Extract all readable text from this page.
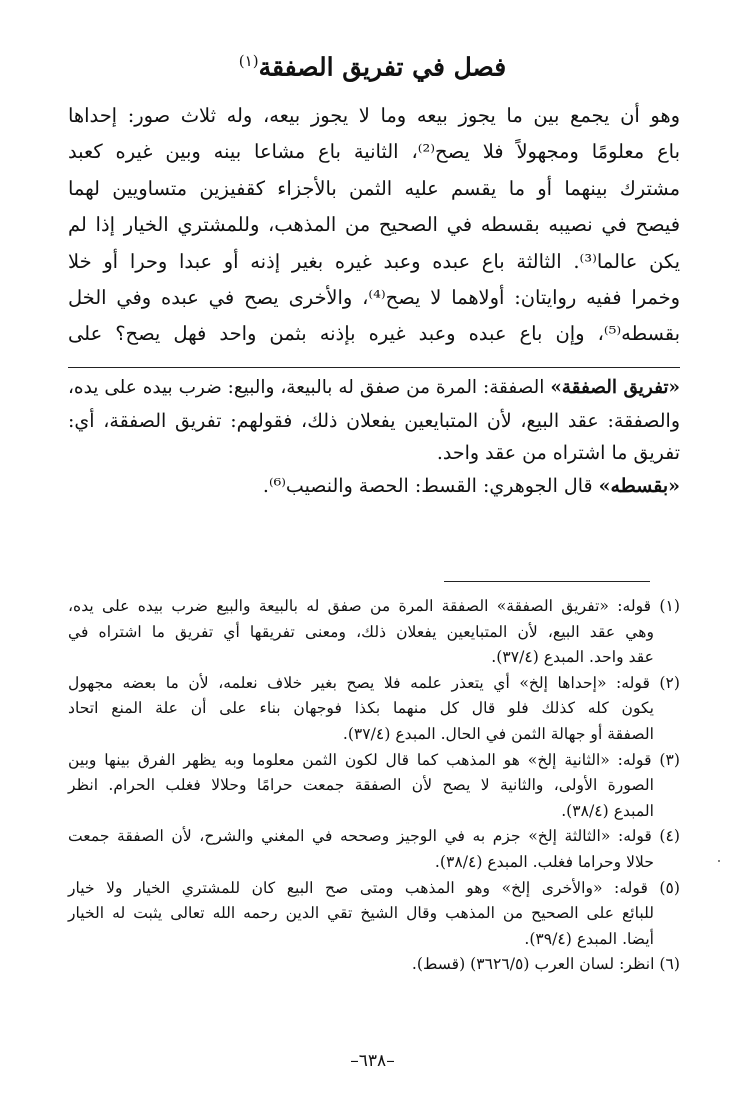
فصل في تفريق الصفقة$^{(١)}$
وهو أن يجمع بين ما يجوز بيعه وما لا يجوز بيعه، وله ثلاث صور: إحداها
باع معلومًا ومجهولاً فلا يصح⁽²⁾، الثانية باع مشاعا بينه وبين غيره كعبد
مشترك بينهما أو ما يقسم عليه الثمن بالأجزاء كقفيزين متساويين لهما
فيصح في نصيبه بقسطه في الصحيح من المذهب، وللمشتري الخيار إذا لم
يكن عالما⁽³⁾. الثالثة باع عبده وعبد غيره بغير إذنه أو عبدا وحرا أو خلا
وخمرا ففيه روايتان: أولاهما لا يصح⁽⁴⁾، والأخرى يصح في عبده وفي الخل
بقسطه⁽⁵⁾، وإن باع عبده وعبد غيره بإذنه بثمن واحد فهل يصح؟ على
«تفريق الصفقة» الصفقة: المرة من صفق له بالبيعة، والبيع: ضرب بيده على يده،
والصفقة: عقد البيع، لأن المتبايعين يفعلان ذلك، فقولهم: تفريق الصفقة، أي:
تفريق ما اشتراه من عقد واحد.
«بقسطه» قال الجوهري: القسط: الحصة والنصيب⁽⁶⁾.
(١) قوله: «تفريق الصفقة» الصفقة المرة من صفق له بالبيعة والبيع ضرب بيده على يده،
وهي عقد البيع، لأن المتبايعين يفعلان ذلك، ومعنى تفريقها أي تفريق ما اشتراه في
عقد واحد. المبدع (٣٧/٤).
(٢) قوله: «إحداها إلخ» أي يتعذر علمه فلا يصح بغير خلاف نعلمه، لأن ما بعضه مجهول
يكون كله كذلك فلو قال كل منهما بكذا فوجهان بناء على أن علة المنع اتحاد
الصفقة أو جهالة الثمن في الحال. المبدع (٣٧/٤).
(٣) قوله: «الثانية إلخ» هو المذهب كما قال لكون الثمن معلوما وبه يظهر الفرق بينها وبين
الصورة الأولى، والثانية لا يصح لأن الصفقة جمعت حرامًا وحلالا فغلب الحرام. انظر
المبدع (٣٨/٤).
(٤) قوله: «الثالثة إلخ» جزم به في الوجيز وصححه في المغني والشرح، لأن الصفقة جمعت
حلالا وحراما فغلب. المبدع (٣٨/٤).
(٥) قوله: «والأخرى إلخ» وهو المذهب ومتى صح البيع كان للمشتري الخيار ولا خيار
للبائع على الصحيح من المذهب وقال الشيخ تقي الدين رحمه الله تعالى يثبت له الخيار
أيضا. المبدع (٣٩/٤).
(٦) انظر: لسان العرب (٣٦٢٦/٥) (قسط).
–٦٣٨–
